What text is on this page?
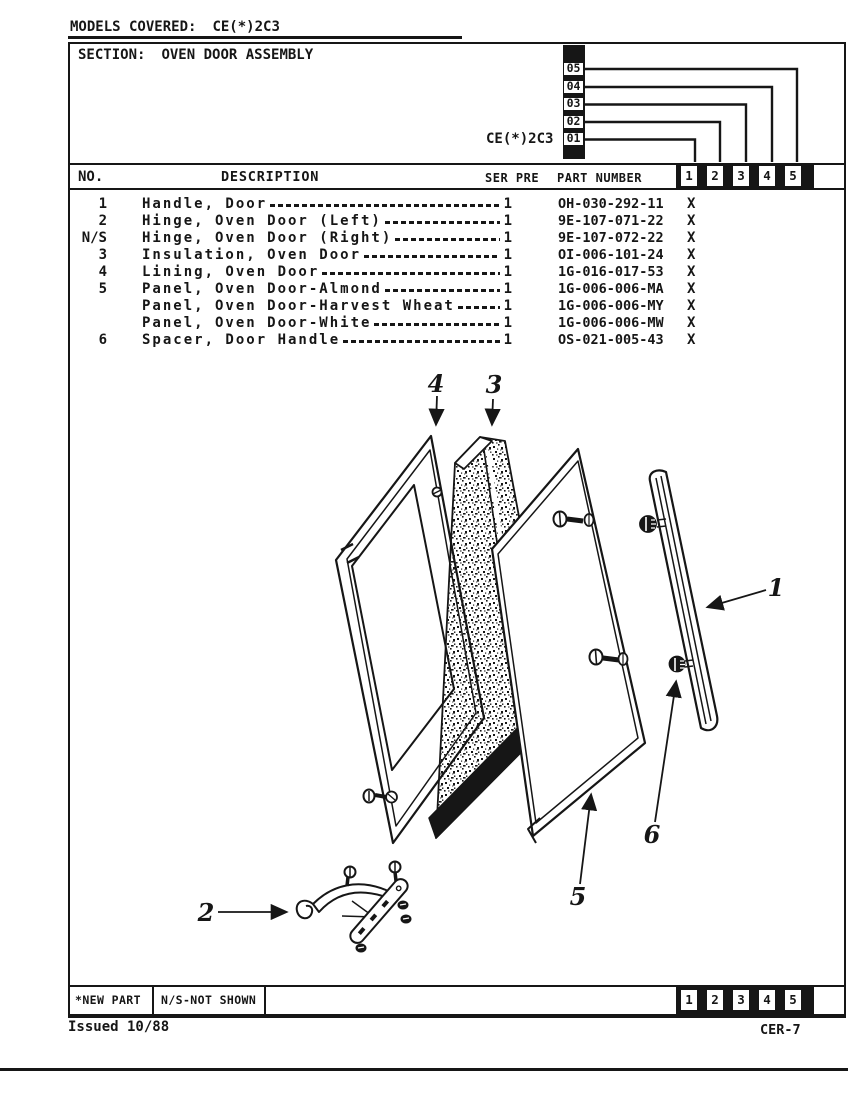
MODELS COVERED: CE(*)2C3
SECTION: OVEN DOOR ASSEMBLY
05
04
03
02
01
CE(*)2C3
NO.	DESCRIPTION	SER PRE PART NUMBER	1	2	3	4	5
1	Handle, Door	1	OH-030-292-11 X
2	Hinge, Oven Door (Left)	1	9E-107-071-22 X
N/S	Hinge, Oven Door (Right)	1	9E-107-072-22 X
3	Insulation, Oven Door	1	OI-006-101-24 X
4	Lining, Oven Door	1	1G-016-017-53 X
5	Panel, Oven Door-Almond	1	1G-006-006-MA X
Panel, Oven Door-Harvest Wheat	1	1G-006-006-MY X
Panel, Oven Door-White	1	1G-006-006-MW X
6	Spacer, Door Handle	1	OS-021-005-43 X
4 3
1
5
6
2
*NEW PART	N/S-NOT SHOWN	1	2	3	4	5
Issued 10/88	CER-7
